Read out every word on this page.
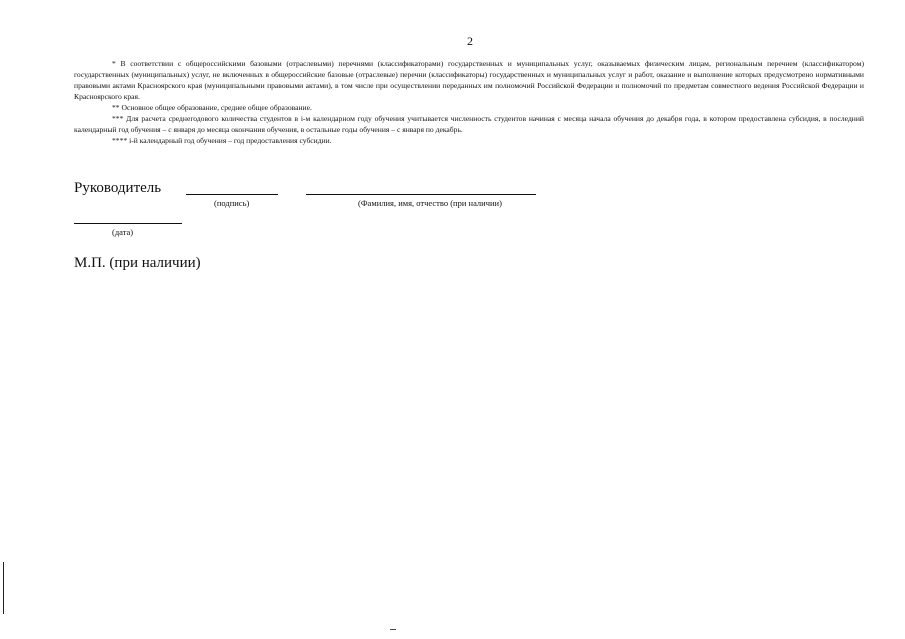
2

* В соответствии с общероссийскими базовыми (отраслевыми) перечнями (классификаторами) государственных и муниципальных услуг, оказываемых физическим лицам, региональным перечнем (классификатором) государственных (муниципальных) услуг, не включенных в общероссийские базовые (отраслевые) перечни (классификаторы) государственных и муниципальных услуг и работ, оказание и выполнение которых предусмотрено нормативными правовыми актами Красноярского края (муниципальными правовыми актами), в том числе при осуществлении переданных им полномочий Российской Федерации и полномочий по предметам совместного ведения Российской Федерации и Красноярского края.

** Основное общее образование, среднее общее образование.

*** Для расчета среднегодового количества студентов в i-м календарном году обучения учитывается численность студентов начиная с месяца начала обучения до декабря года, в котором предоставлена субсидия, в последний календарный год обучения – с января до месяца окончания обучения, в остальные годы обучения – с января по декабрь.

**** i-й календарный год обучения – год предоставления субсидии.

Руководитель
(подпись)	(Фамилия, имя, отчество (при наличии)
(дата)
М.П. (при наличии)
